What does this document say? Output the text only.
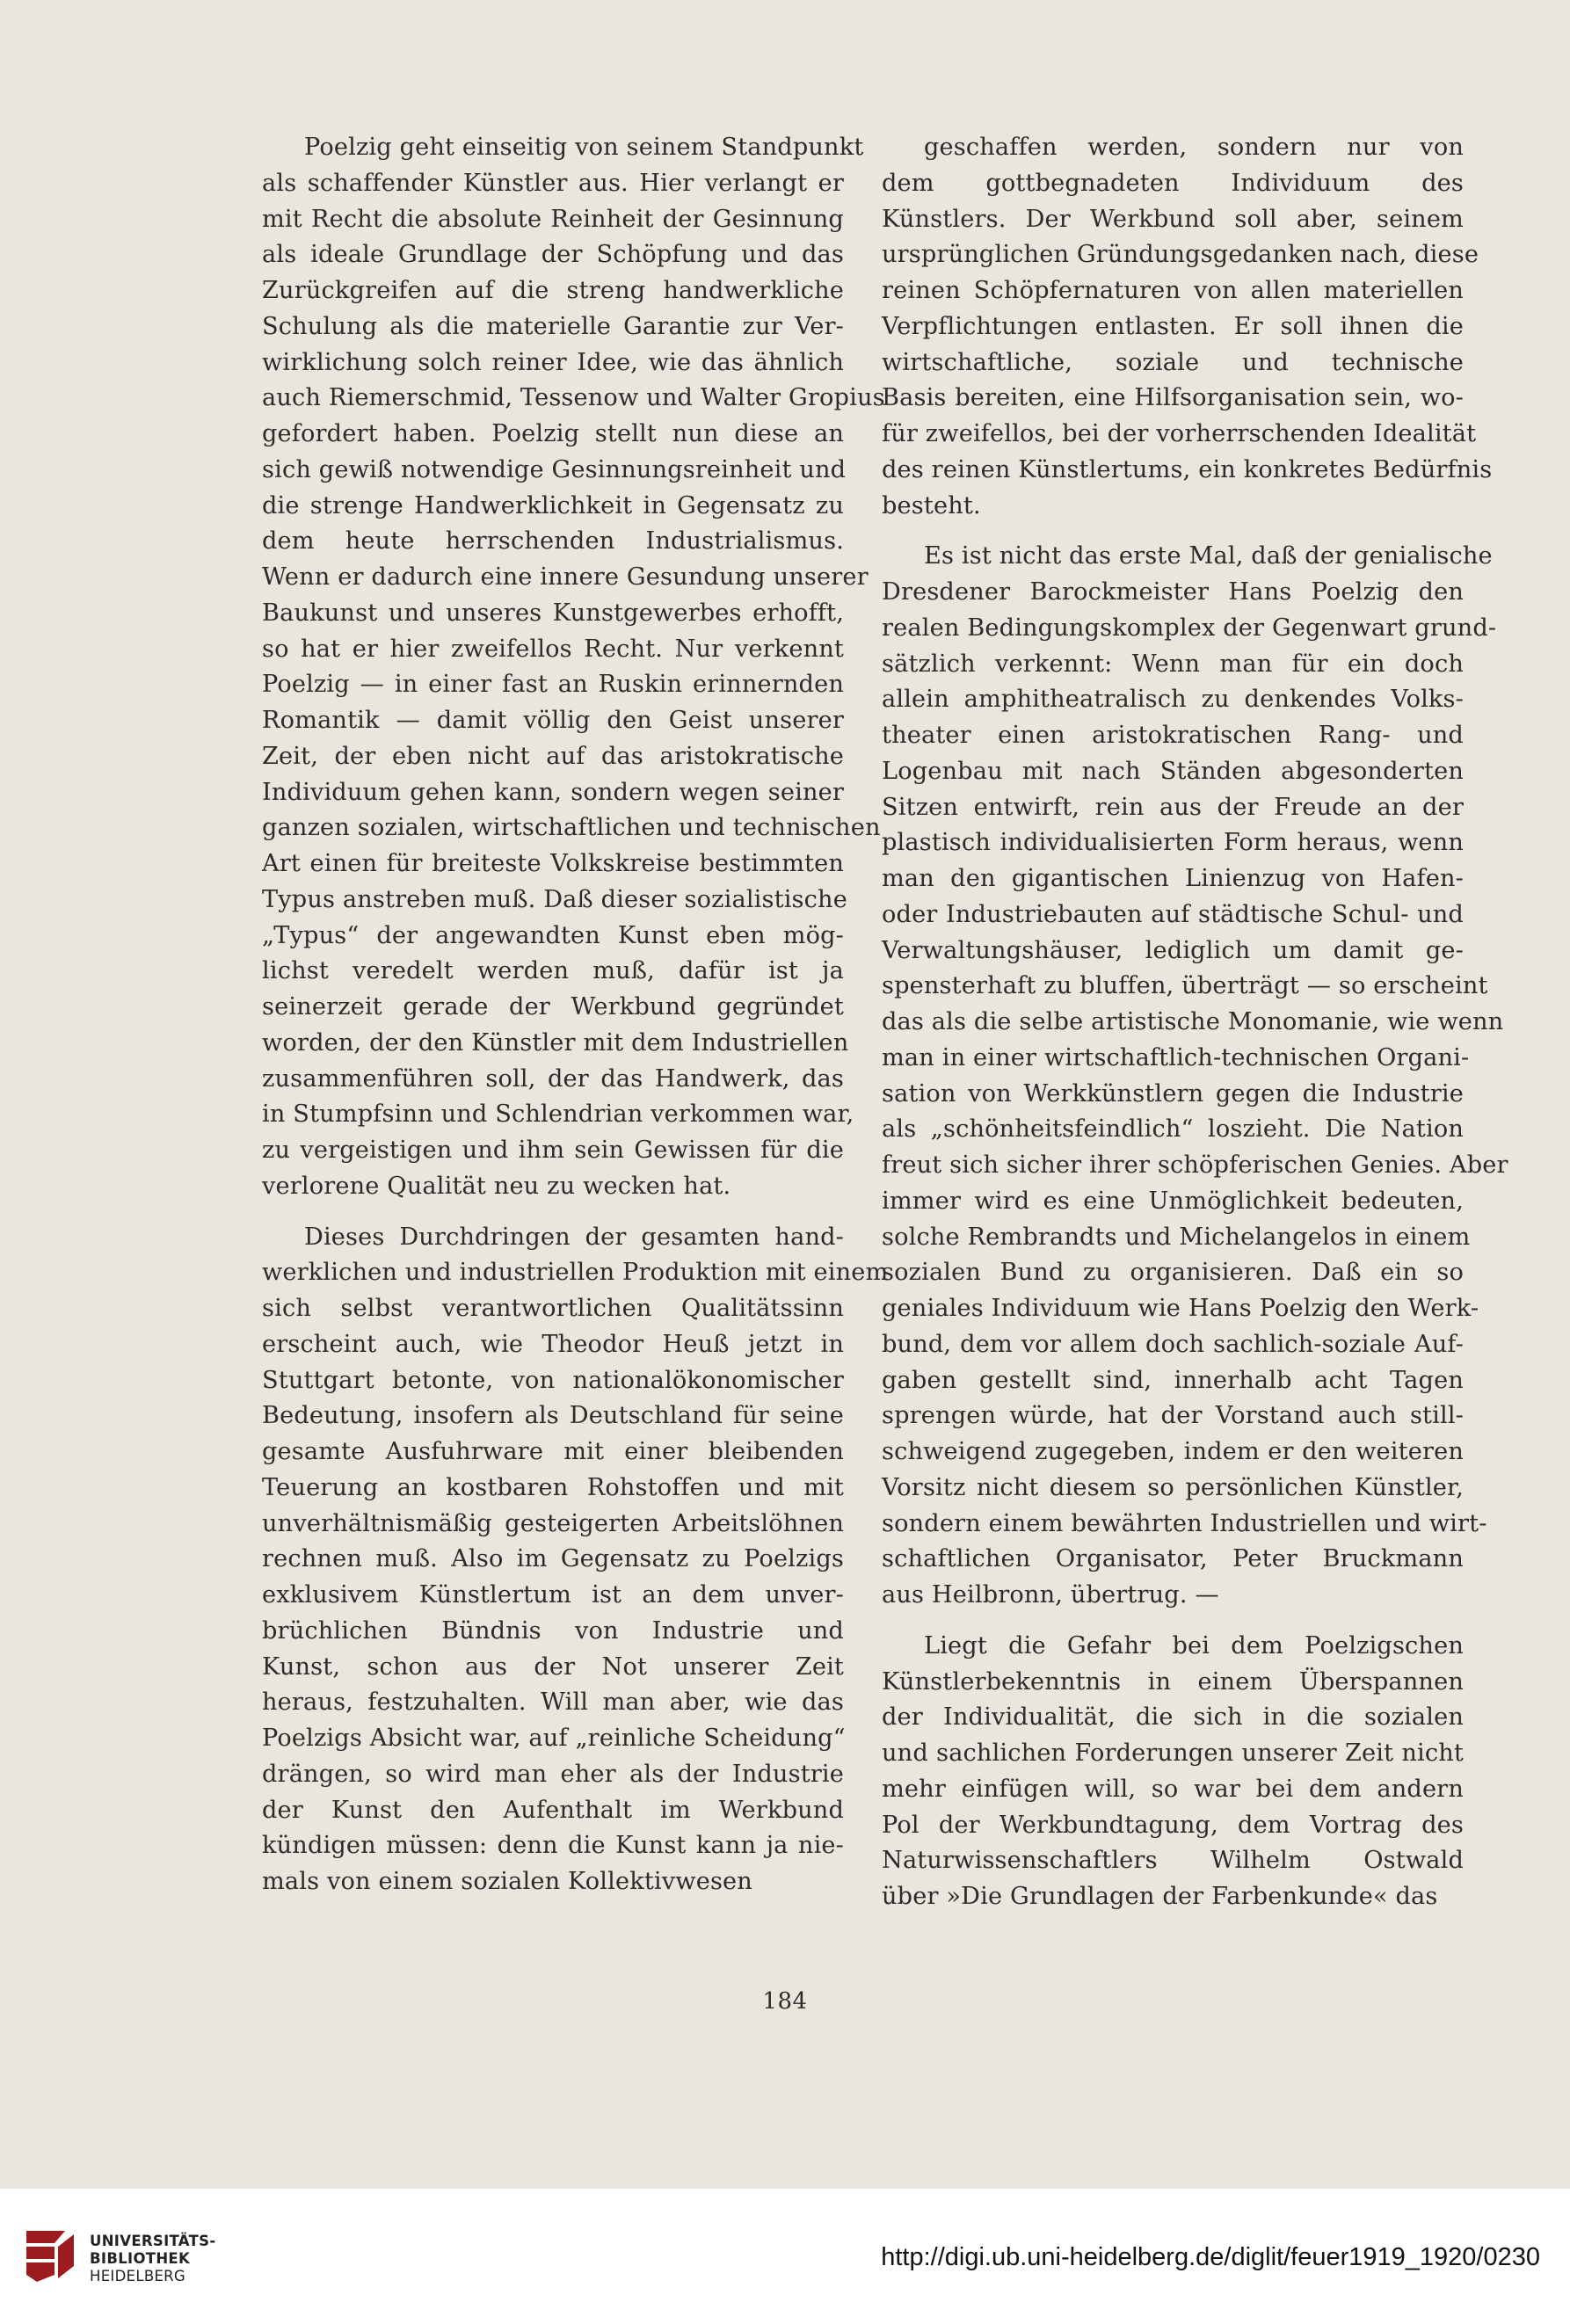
Poelzig geht einseitig von seinem Standpunkt
als schaffender Künstler aus. Hier verlangt er
mit Recht die absolute Reinheit der Gesinnung
als ideale Grundlage der Schöpfung und das
Zurückgreifen auf die streng handwerkliche
Schulung als die materielle Garantie zur Ver-
wirklichung solch reiner Idee, wie das ähnlich
auch Riemerschmid, Tessenow und Walter Gropius
gefordert haben. Poelzig stellt nun diese an
sich gewiß notwendige Gesinnungsreinheit und
die strenge Handwerklichkeit in Gegensatz zu
dem heute herrschenden Industrialismus.
Wenn er dadurch eine innere Gesundung unserer
Baukunst und unseres Kunstgewerbes erhofft,
so hat er hier zweifellos Recht. Nur verkennt
Poelzig — in einer fast an Ruskin erinnernden
Romantik — damit völlig den Geist unserer
Zeit, der eben nicht auf das aristokratische
Individuum gehen kann, sondern wegen seiner
ganzen sozialen, wirtschaftlichen und technischen
Art einen für breiteste Volkskreise bestimmten
Typus anstreben muß. Daß dieser sozialistische
„Typus“ der angewandten Kunst eben mög-
lichst veredelt werden muß, dafür ist ja
seinerzeit gerade der Werkbund gegründet
worden, der den Künstler mit dem Industriellen
zusammenführen soll, der das Handwerk, das
in Stumpfsinn und Schlendrian verkommen war,
zu vergeistigen und ihm sein Gewissen für die
verlorene Qualität neu zu wecken hat.
Dieses Durchdringen der gesamten hand-
werklichen und industriellen Produktion mit einem
sich selbst verantwortlichen Qualitätssinn
erscheint auch, wie Theodor Heuß jetzt in
Stuttgart betonte, von nationalökonomischer
Bedeutung, insofern als Deutschland für seine
gesamte Ausfuhrware mit einer bleibenden
Teuerung an kostbaren Rohstoffen und mit
unverhältnismäßig gesteigerten Arbeitslöhnen
rechnen muß. Also im Gegensatz zu Poelzigs
exklusivem Künstlertum ist an dem unver-
brüchlichen Bündnis von Industrie und
Kunst, schon aus der Not unserer Zeit
heraus, festzuhalten. Will man aber, wie das
Poelzigs Absicht war, auf „reinliche Scheidung“
drängen, so wird man eher als der Industrie
der Kunst den Aufenthalt im Werkbund
kündigen müssen: denn die Kunst kann ja nie-
mals von einem sozialen Kollektivwesen
geschaffen werden, sondern nur von
dem gottbegnadeten Individuum des
Künstlers. Der Werkbund soll aber, seinem
ursprünglichen Gründungsgedanken nach, diese
reinen Schöpfernaturen von allen materiellen
Verpflichtungen entlasten. Er soll ihnen die
wirtschaftliche, soziale und technische
Basis bereiten, eine Hilfsorganisation sein, wo-
für zweifellos, bei der vorherrschenden Idealität
des reinen Künstlertums, ein konkretes Bedürfnis
besteht.
Es ist nicht das erste Mal, daß der genialische
Dresdener Barockmeister Hans Poelzig den
realen Bedingungskomplex der Gegenwart grund-
sätzlich verkennt: Wenn man für ein doch
allein amphitheatralisch zu denkendes Volks-
theater einen aristokratischen Rang- und
Logenbau mit nach Ständen abgesonderten
Sitzen entwirft, rein aus der Freude an der
plastisch individualisierten Form heraus, wenn
man den gigantischen Linienzug von Hafen-
oder Industriebauten auf städtische Schul- und
Verwaltungshäuser, lediglich um damit ge-
spensterhaft zu bluffen, überträgt — so erscheint
das als die selbe artistische Monomanie, wie wenn
man in einer wirtschaftlich-technischen Organi-
sation von Werkkünstlern gegen die Industrie
als „schönheitsfeindlich“ loszieht. Die Nation
freut sich sicher ihrer schöpferischen Genies. Aber
immer wird es eine Unmöglichkeit bedeuten,
solche Rembrandts und Michelangelos in einem
sozialen Bund zu organisieren. Daß ein so
geniales Individuum wie Hans Poelzig den Werk-
bund, dem vor allem doch sachlich-soziale Auf-
gaben gestellt sind, innerhalb acht Tagen
sprengen würde, hat der Vorstand auch still-
schweigend zugegeben, indem er den weiteren
Vorsitz nicht diesem so persönlichen Künstler,
sondern einem bewährten Industriellen und wirt-
schaftlichen Organisator, Peter Bruckmann
aus Heilbronn, übertrug. —
Liegt die Gefahr bei dem Poelzigschen
Künstlerbekenntnis in einem Überspannen
der Individualität, die sich in die sozialen
und sachlichen Forderungen unserer Zeit nicht
mehr einfügen will, so war bei dem andern
Pol der Werkbundtagung, dem Vortrag des
Naturwissenschaftlers Wilhelm Ostwald
über »Die Grundlagen der Farbenkunde« das
184
UNIVERSITÄTS-
BIBLIOTHEK
HEIDELBERG
http://digi.ub.uni-heidelberg.de/diglit/feuer1919_1920/0230
